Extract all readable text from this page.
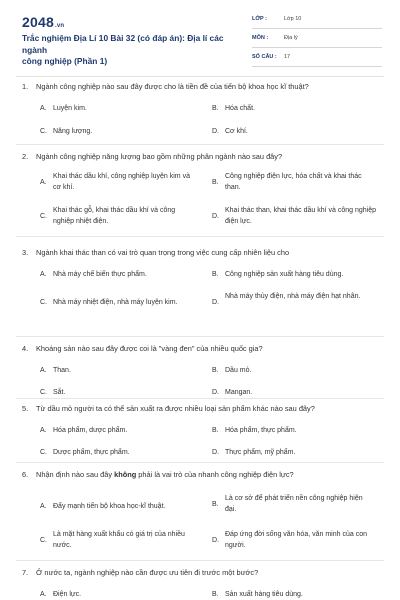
2048.vn
Trắc nghiệm Địa Lí 10 Bài 32 (có đáp án): Địa lí các ngành
công nghiệp (Phần 1)
LỚP :	Lớp 10
MÔN :	Địa lý
SỐ CÂU : 17
1. Ngành công nghiệp nào sau đây được cho là tiền đề của tiến bộ khoa học kĩ thuật?
A. Luyện kim.	B. Hóa chất.
C. Năng lượng.	D. Cơ khí.
2. Ngành công nghiệp năng lượng bao gồm những phân ngành nào sau đây?
A.
Khai thác dầu khí, công nghiệp luyện kim và cơ khí.
B.
Công nghiệp điện lực, hóa chất và khai thác than.
C.
Khai thác gỗ, khai thác dầu khí và công nghiệp nhiệt điện.
D.
Khai thác than, khai thác dầu khí và công nghiệp điện lực.
3. Ngành khai thác than có vai trò quan trọng trong việc cung cấp nhiên liệu cho
A. Nhà máy chế biến thực phẩm.	B. Công nghiệp sản xuất hàng tiêu dùng.
C. Nhà máy nhiệt điện, nhà máy luyện kim.	D.
Nhà máy thủy điện, nhà máy điện hạt nhân.
4. Khoáng sản nào sau đây được coi là "vàng đen" của nhiều quốc gia?
A. Than.	B. Dầu mỏ.
C. Sắt.	D. Mangan.
5. Từ dầu mỏ người ta có thể sản xuất ra được nhiều loại sản phẩm khác nào sau đây?
A. Hóa phẩm, dược phẩm.	B. Hóa phẩm, thực phẩm.
C. Dược phẩm, thực phẩm.	D. Thực phẩm, mỹ phẩm.
6. Nhận định nào sau đây không phải là vai trò của nhanh công nghiệp điện lực?
A. Đẩy mạnh tiến bộ khoa học-kĩ thuật.	B.
Là cơ sở để phát triển nền công nghiệp hiện đại.
C.
Là mặt hàng xuất khẩu có giá trị của nhiều nước.
D.
Đáp ứng đời sống văn hóa, văn minh của con người.
7. Ở nước ta, ngành nghiệp nào cần được ưu tiên đi trước một bước?
A. Điện lực.	B. Sản xuất hàng tiêu dùng.
